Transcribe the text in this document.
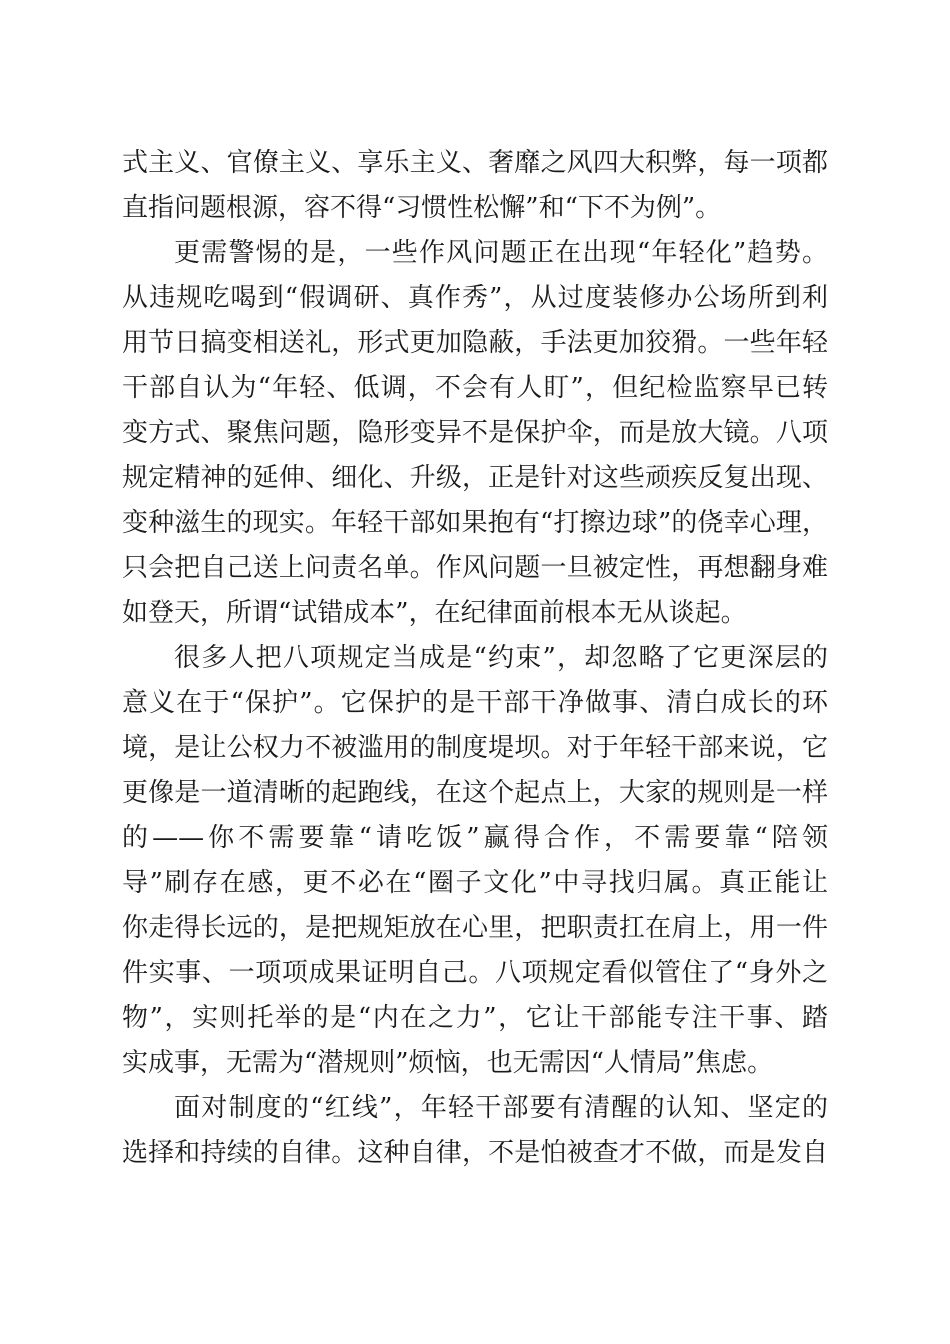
式主义、官僚主义、享乐主义、奢靡之风四大积弊，每一项都
直指问题根源，容不得“习惯性松懈”和“下不为例”。
更需警惕的是，一些作风问题正在出现“年轻化”趋势。
从违规吃喝到“假调研、真作秀”，从过度装修办公场所到利
用节日搞变相送礼，形式更加隐蔽，手法更加狡猾。一些年轻
干部自认为“年轻、低调，不会有人盯”，但纪检监察早已转
变方式、聚焦问题，隐形变异不是保护伞，而是放大镜。八项
规定精神的延伸、细化、升级，正是针对这些顽疾反复出现、
变种滋生的现实。年轻干部如果抱有“打擦边球”的侥幸心理，
只会把自己送上问责名单。作风问题一旦被定性，再想翻身难
如登天，所谓“试错成本”，在纪律面前根本无从谈起。
很多人把八项规定当成是“约束”，却忽略了它更深层的
意义在于“保护”。它保护的是干部干净做事、清白成长的环
境，是让公权力不被滥用的制度堤坝。对于年轻干部来说，它
更像是一道清晰的起跑线，在这个起点上，大家的规则是一样
的——你不需要靠“请吃饭”赢得合作，不需要靠“陪领
导”刷存在感，更不必在“圈子文化”中寻找归属。真正能让
你走得长远的，是把规矩放在心里，把职责扛在肩上，用一件
件实事、一项项成果证明自己。八项规定看似管住了“身外之
物”，实则托举的是“内在之力”，它让干部能专注干事、踏
实成事，无需为“潜规则”烦恼，也无需因“人情局”焦虑。
面对制度的“红线”，年轻干部要有清醒的认知、坚定的
选择和持续的自律。这种自律，不是怕被查才不做，而是发自
